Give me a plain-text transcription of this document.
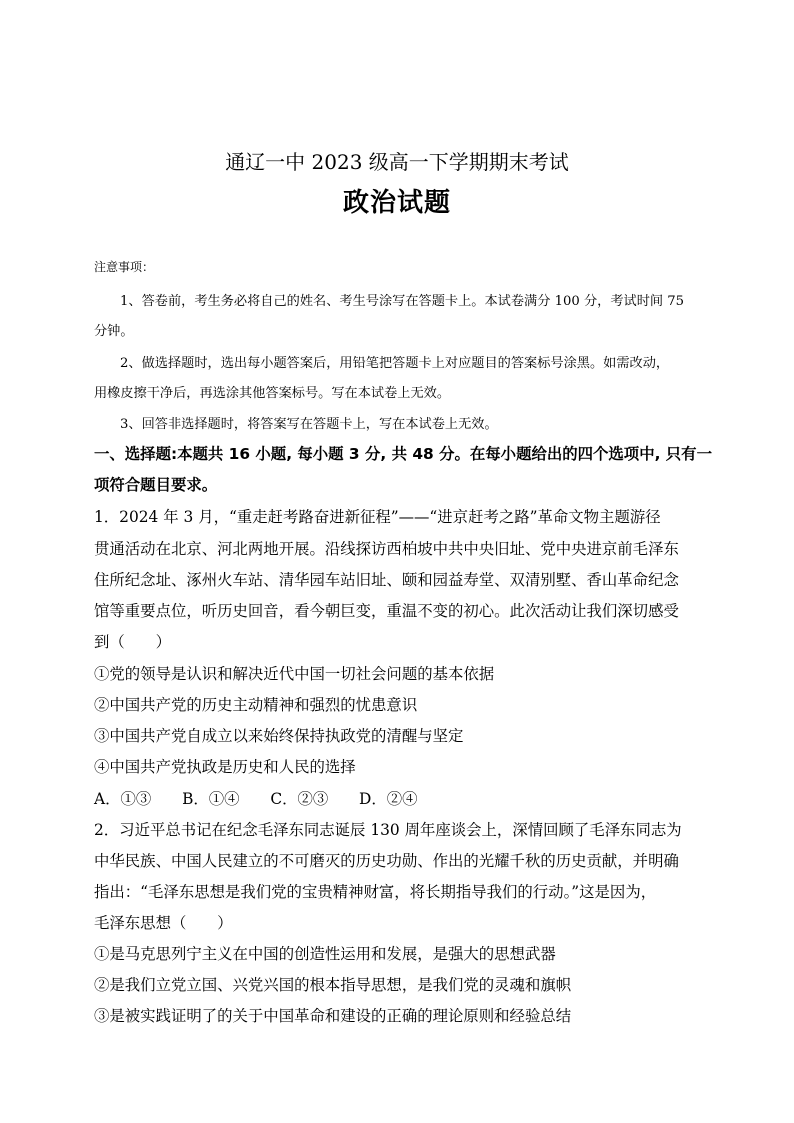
通辽一中 2023 级高一下学期期末考试
政治试题
注意事项：
1、答卷前，考生务必将自己的姓名、考生号涂写在答题卡上。本试卷满分 100 分，考试时间 75
分钟。
2、做选择题时，选出每小题答案后，用铅笔把答题卡上对应题目的答案标号涂黑。如需改动，
用橡皮擦干净后，再选涂其他答案标号。写在本试卷上无效。
3、回答非选择题时，将答案写在答题卡上，写在本试卷上无效。
一、选择题:本题共 16 小题, 每小题 3 分, 共 48 分。在每小题给出的四个选项中, 只有一
项符合题目要求。
1．2024 年 3 月，“重走赶考路奋进新征程”——“进京赶考之路”革命文物主题游径
贯通活动在北京、河北两地开展。沿线探访西柏坡中共中央旧址、党中央进京前毛泽东
住所纪念址、涿州火车站、清华园车站旧址、颐和园益寿堂、双清别墅、香山革命纪念
馆等重要点位，听历史回音，看今朝巨变，重温不变的初心。此次活动让我们深切感受
到（　　）
①党的领导是认识和解决近代中国一切社会问题的基本依据
②中国共产党的历史主动精神和强烈的忧患意识
③中国共产党自成立以来始终保持执政党的清醒与坚定
④中国共产党执政是历史和人民的选择
A．①③　　B．①④　　C．②③　　D．②④
2．习近平总书记在纪念毛泽东同志诞辰 130 周年座谈会上，深情回顾了毛泽东同志为
中华民族、中国人民建立的不可磨灭的历史功勋、作出的光耀千秋的历史贡献，并明确
指出：“毛泽东思想是我们党的宝贵精神财富，将长期指导我们的行动。”这是因为，
毛泽东思想（　　）
①是马克思列宁主义在中国的创造性运用和发展，是强大的思想武器
②是我们立党立国、兴党兴国的根本指导思想，是我们党的灵魂和旗帜
③是被实践证明了的关于中国革命和建设的正确的理论原则和经验总结
